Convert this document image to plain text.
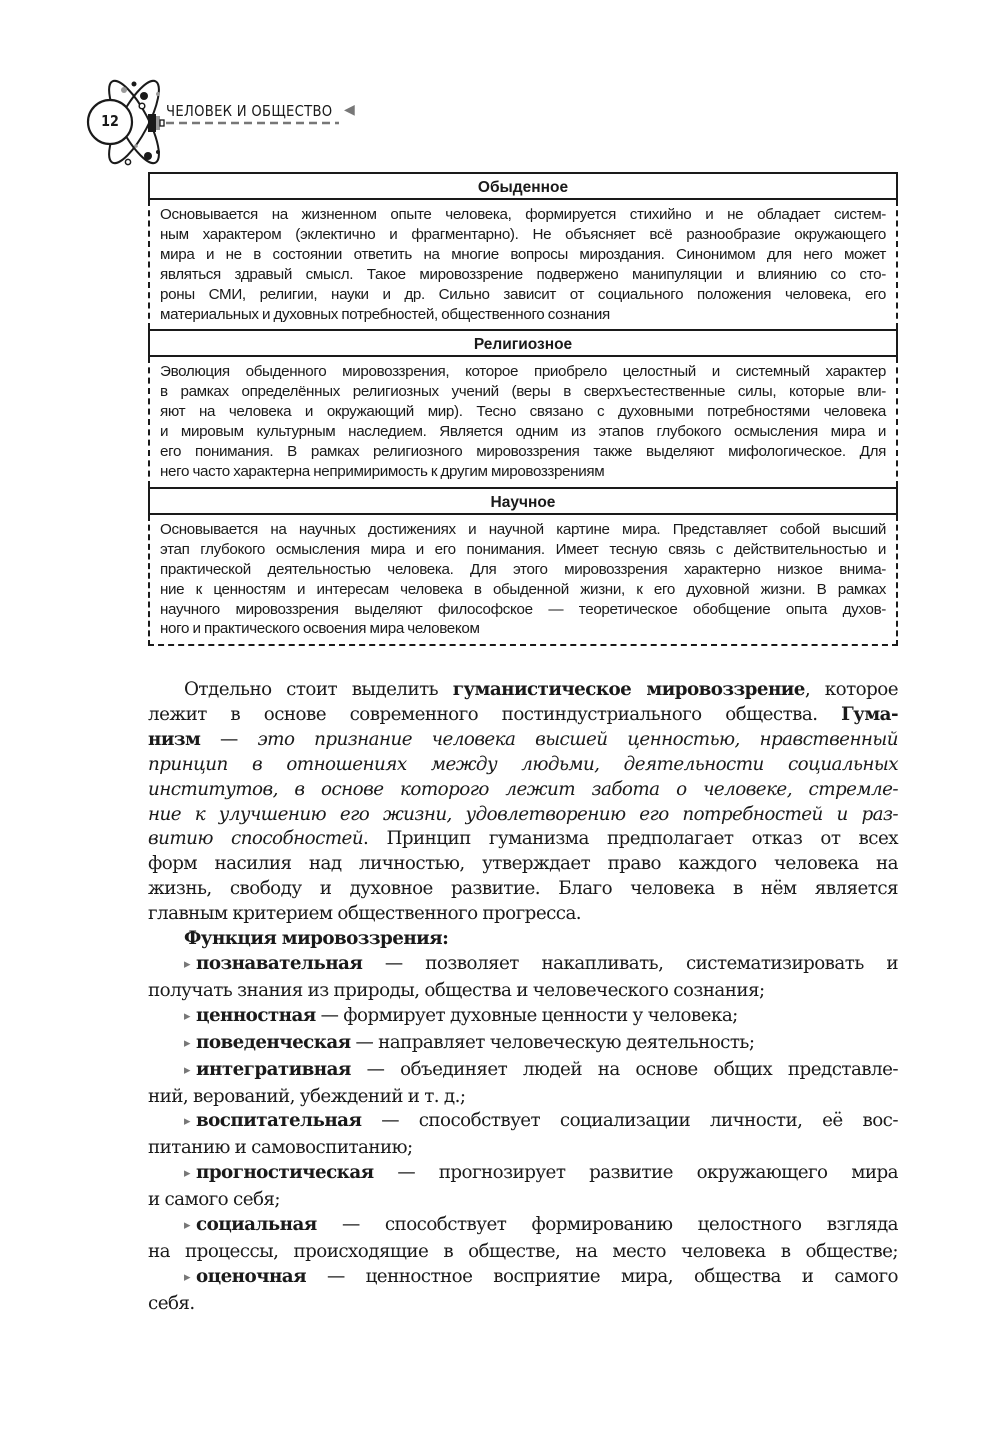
12
ЧЕЛОВЕК И ОБЩЕСТВО ◀
Обыденное
Основывается на жизненном опыте человека, формируется стихийно и не обладает систем-
ным характером (эклектично и фрагментарно). Не объясняет всё разнообразие окружающего
мира и не в состоянии ответить на многие вопросы мироздания. Синонимом для него может
являться здравый смысл. Такое мировоззрение подвержено манипуляции и влиянию со сто-
роны СМИ, религии, науки и др. Сильно зависит от социального положения человека, его
материальных и духовных потребностей, общественного сознания
Религиозное
Эволюция обыденного мировоззрения, которое приобрело целостный и системный характер
в рамках определённых религиозных учений (веры в сверхъестественные силы, которые вли-
яют на человека и окружающий мир). Тесно связано с духовными потребностями человека
и мировым культурным наследием. Является одним из этапов глубокого осмысления мира и
его понимания. В рамках религиозного мировоззрения также выделяют мифологическое. Для
него часто характерна непримиримость к другим мировоззрениям
Научное
Основывается на научных достижениях и научной картине мира. Представляет собой высший
этап глубокого осмысления мира и его понимания. Имеет тесную связь с действительностью и
практической деятельностью человека. Для этого мировоззрения характерно низкое внима-
ние к ценностям и интересам человека в обыденной жизни, к его духовной жизни. В рамках
научного мировоззрения выделяют философское — теоретическое обобщение опыта духов-
ного и практического освоения мира человеком
Отдельно стоит выделить гуманистическое мировоззрение, которое
лежит в основе современного постиндустриального общества. Гума-
низм — это признание человека высшей ценностью, нравственный
принцип в отношениях между людьми, деятельности социальных
институтов, в основе которого лежит забота о человеке, стремле-
ние к улучшению его жизни, удовлетворению его потребностей и раз-
витию способностей. Принцип гуманизма предполагает отказ от всех
форм насилия над личностью, утверждает право каждого человека на
жизнь, свободу и духовное развитие. Благо человека в нём является
главным критерием общественного прогресса.
Функция мировоззрения:
▸ познавательная — позволяет накапливать, систематизировать и
получать знания из природы, общества и человеческого сознания;
▸ ценностная — формирует духовные ценности у человека;
▸ поведенческая — направляет человеческую деятельность;
▸ интегративная — объединяет людей на основе общих представле-
ний, верований, убеждений и т. д.;
▸ воспитательная — способствует социализации личности, её вос-
питанию и самовоспитанию;
▸ прогностическая — прогнозирует развитие окружающего мира
и самого себя;
▸ социальная — способствует формированию целостного взгляда
на процессы, происходящие в обществе, на место человека в обществе;
▸ оценочная — ценностное восприятие мира, общества и самого
себя.
